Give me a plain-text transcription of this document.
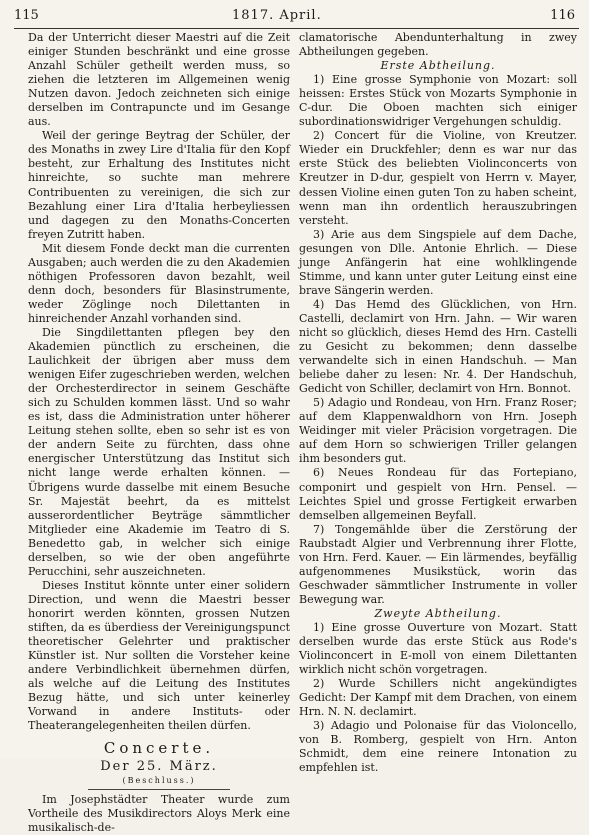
115	1817. April.	116

Da der Unterricht dieser Maestri auf die Zeit einiger Stunden beschränkt und eine grosse Anzahl Schüler getheilt werden muss, so ziehen die letzteren im Allgemeinen wenig Nutzen davon. Jedoch zeichneten sich einige derselben im Contrapuncte und im Gesange aus.

Weil der geringe Beytrag der Schüler, der des Monaths in zwey Lire d'Italia für den Kopf besteht, zur Erhaltung des Institutes nicht hinreichte, so suchte man mehrere Contribuenten zu vereinigen, die sich zur Bezahlung einer Lira d'Italia herbeyliessen und dagegen zu den Monaths-Concerten freyen Zutritt haben.

Mit diesem Fonde deckt man die currenten Ausgaben; auch werden die zu den Akademien nöthigen Professoren davon bezahlt, weil denn doch, besonders für Blasinstrumente, weder Zöglinge noch Dilettanten in hinreichender Anzahl vorhanden sind.

Die Singdilettanten pflegen bey den Akademien pünctlich zu erscheinen, die Laulichkeit der übrigen aber muss dem wenigen Eifer zugeschrieben werden, welchen der Orchesterdirector in seinem Geschäfte sich zu Schulden kommen lässt. Und so wahr es ist, dass die Administration unter höherer Leitung stehen sollte, eben so sehr ist es von der andern Seite zu fürchten, dass ohne energischer Unterstützung das Institut sich nicht lange werde erhalten können. — Übrigens wurde dasselbe mit einem Besuche Sr. Majestät beehrt, da es mittelst ausserordentlicher Beyträge sämmtlicher Mitglieder eine Akademie im Teatro di S. Benedetto gab, in welcher sich einige derselben, so wie der oben angeführte Perucchini, sehr auszeichneten.

Dieses Institut könnte unter einer solidern Direction, und wenn die Maestri besser honorirt werden könnten, grossen Nutzen stiften, da es überdiess der Vereinigungspunct theoretischer Gelehrter und praktischer Künstler ist. Nur sollten die Vorsteher keine andere Verbindlichkeit übernehmen dürfen, als welche auf die Leitung des Institutes Bezug hätte, und sich unter keinerley Vorwand in andere Instituts- oder Theaterangelegenheiten theilen dürfen.

Concerte.
Der 25. März.
(Beschluss.)

Im Josephstädter Theater wurde zum Vortheile des Musikdirectors Aloys Merk eine musikalisch-de-

clamatorische Abendunterhaltung in zwey Abtheilungen gegeben.

Erste Abtheilung.

1) Eine grosse Symphonie von Mozart: soll heissen: Erstes Stück von Mozarts Symphonie in C-dur. Die Oboen machten sich einiger subordinationswidriger Vergehungen schuldig.

2) Concert für die Violine, von Kreutzer. Wieder ein Druckfehler; denn es war nur das erste Stück des beliebten Violinconcerts von Kreutzer in D-dur, gespielt von Herrn v. Mayer, dessen Violine einen guten Ton zu haben scheint, wenn man ihn ordentlich herauszubringen versteht.

3) Arie aus dem Singspiele auf dem Dache, gesungen von Dlle. Antonie Ehrlich. — Diese junge Anfängerin hat eine wohlklingende Stimme, und kann unter guter Leitung einst eine brave Sängerin werden.

4) Das Hemd des Glücklichen, von Hrn. Castelli, declamirt von Hrn. Jahn. — Wir waren nicht so glücklich, dieses Hemd des Hrn. Castelli zu Gesicht zu bekommen; denn dasselbe verwandelte sich in einen Handschuh. — Man beliebe daher zu lesen: Nr. 4. Der Handschuh, Gedicht von Schiller, declamirt von Hrn. Bonnot.

5) Adagio und Rondeau, von Hrn. Franz Roser; auf dem Klappenwaldhorn von Hrn. Joseph Weidinger mit vieler Präcision vorgetragen. Die auf dem Horn so schwierigen Triller gelangen ihm besonders gut.

6) Neues Rondeau für das Fortepiano, componirt und gespielt von Hrn. Pensel. — Leichtes Spiel und grosse Fertigkeit erwarben demselben allgemeinen Beyfall.

7) Tongemählde über die Zerstörung der Raubstadt Algier und Verbrennung ihrer Flotte, von Hrn. Ferd. Kauer. — Ein lärmendes, beyfällig aufgenommenes Musikstück, worin das Geschwader sämmtlicher Instrumente in voller Bewegung war.

Zweyte Abtheilung.

1) Eine grosse Ouverture von Mozart. Statt derselben wurde das erste Stück aus Rode's Violinconcert in E-moll von einem Dilettanten wirklich nicht schön vorgetragen.

2) Wurde Schillers nicht angekündigtes Gedicht: Der Kampf mit dem Drachen, von einem Hrn. N. N. declamirt.

3) Adagio und Polonaise für das Violoncello, von B. Romberg, gespielt von Hrn. Anton Schmidt, dem eine reinere Intonation zu empfehlen ist.
